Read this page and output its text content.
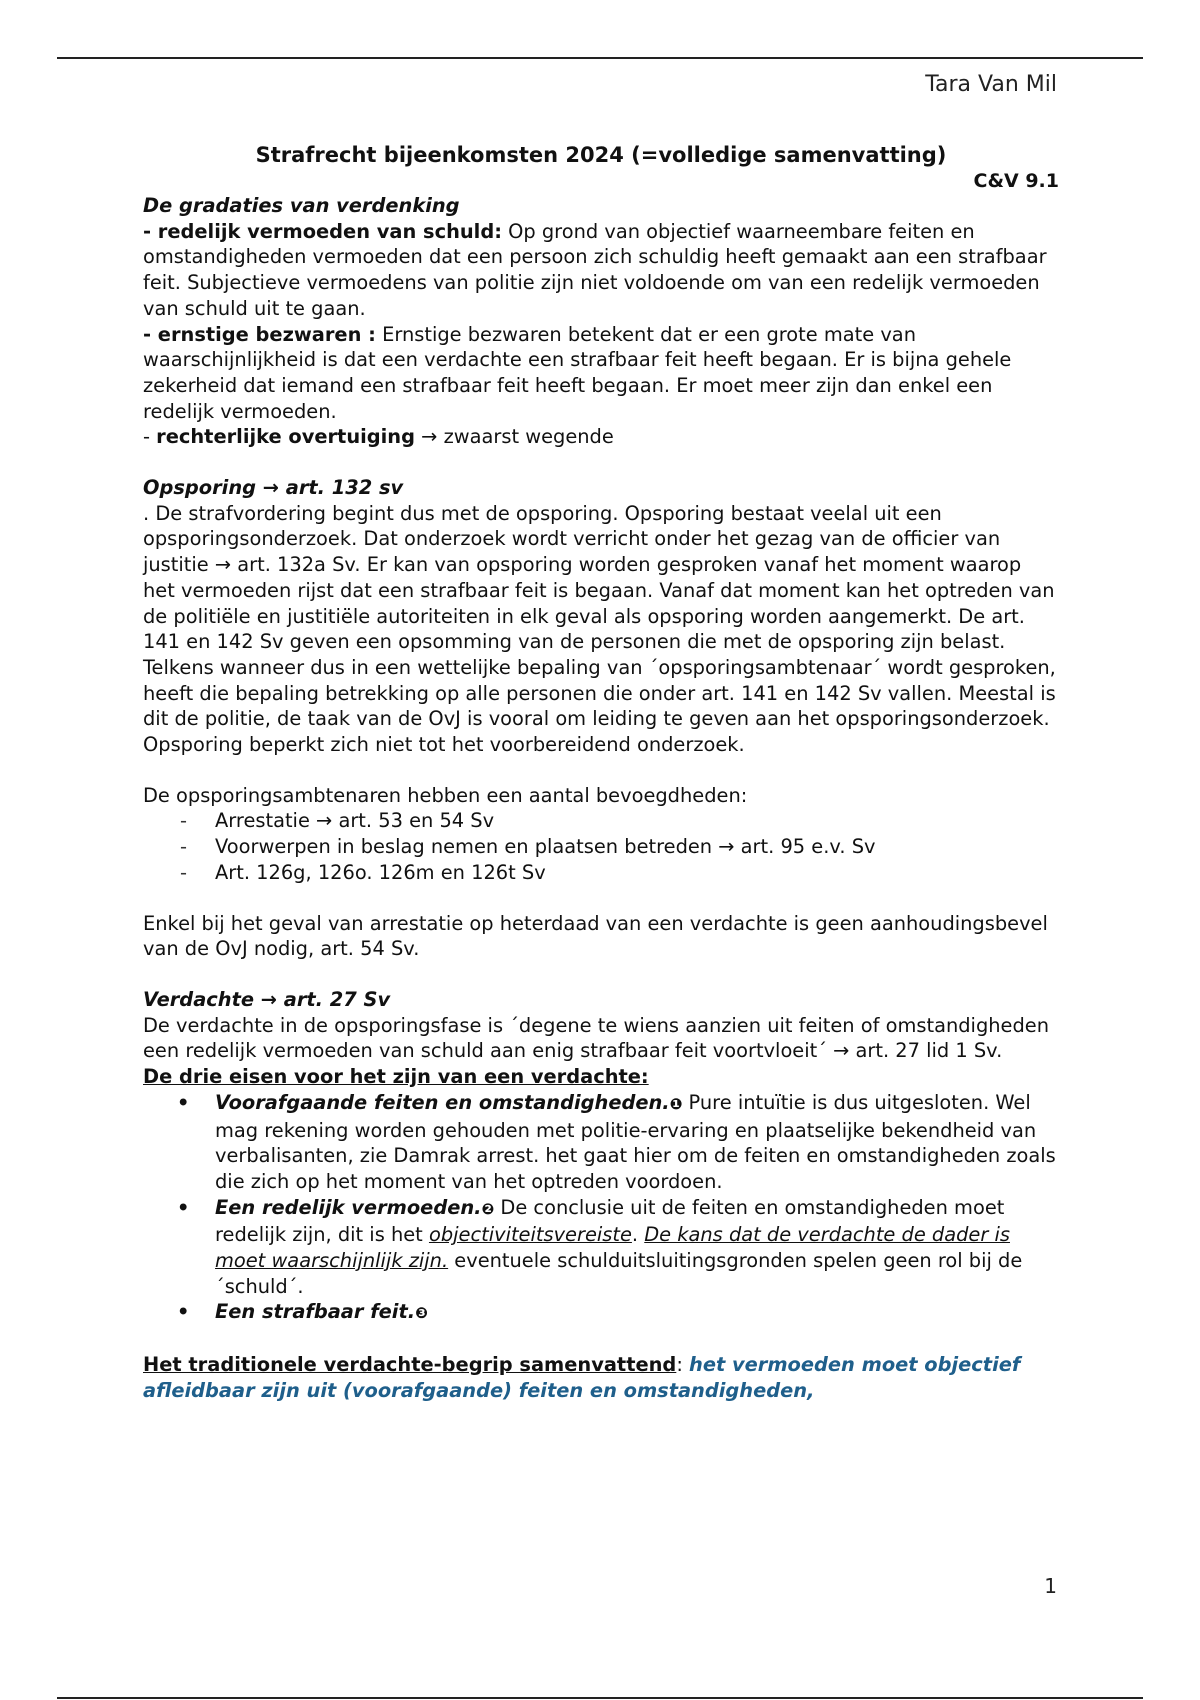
Tara Van Mil

Strafrecht bijeenkomsten 2024 (=volledige samenvatting)

C&V 9.1

De gradaties van verdenking

- redelijk vermoeden van schuld: Op grond van objectief waarneembare feiten en omstandigheden vermoeden dat een persoon zich schuldig heeft gemaakt aan een strafbaar feit. Subjectieve vermoedens van politie zijn niet voldoende om van een redelijk vermoeden van schuld uit te gaan.

- ernstige bezwaren : Ernstige bezwaren betekent dat er een grote mate van waarschijnlijkheid is dat een verdachte een strafbaar feit heeft begaan. Er is bijna gehele zekerheid dat iemand een strafbaar feit heeft begaan. Er moet meer zijn dan enkel een redelijk vermoeden.

- rechterlijke overtuiging → zwaarst wegende

Opsporing → art. 132 sv

. De strafvordering begint dus met de opsporing. Opsporing bestaat veelal uit een opsporingsonderzoek. Dat onderzoek wordt verricht onder het gezag van de officier van justitie → art. 132a Sv. Er kan van opsporing worden gesproken vanaf het moment waarop het vermoeden rijst dat een strafbaar feit is begaan. Vanaf dat moment kan het optreden van de politiële en justitiële autoriteiten in elk geval als opsporing worden aangemerkt. De art. 141 en 142 Sv geven een opsomming van de personen die met de opsporing zijn belast. Telkens wanneer dus in een wettelijke bepaling van ´opsporingsambtenaar´ wordt gesproken, heeft die bepaling betrekking op alle personen die onder art. 141 en 142 Sv vallen. Meestal is dit de politie, de taak van de OvJ is vooral om leiding te geven aan het opsporingsonderzoek. Opsporing beperkt zich niet tot het voorbereidend onderzoek.

De opsporingsambtenaren hebben een aantal bevoegdheden:

- Arrestatie → art. 53 en 54 Sv
- Voorwerpen in beslag nemen en plaatsen betreden → art. 95 e.v. Sv
- Art. 126g, 126o. 126m en 126t Sv

Enkel bij het geval van arrestatie op heterdaad van een verdachte is geen aanhoudingsbevel van de OvJ nodig, art. 54 Sv.

Verdachte → art. 27 Sv

De verdachte in de opsporingsfase is ´degene te wiens aanzien uit feiten of omstandigheden een redelijk vermoeden van schuld aan enig strafbaar feit voortvloeit´ → art. 27 lid 1 Sv.

De drie eisen voor het zijn van een verdachte:

• Voorafgaande feiten en omstandigheden.❶ Pure intuïtie is dus uitgesloten. Wel mag rekening worden gehouden met politie-ervaring en plaatselijke bekendheid van verbalisanten, zie Damrak arrest. het gaat hier om de feiten en omstandigheden zoals die zich op het moment van het optreden voordoen.
• Een redelijk vermoeden.❷ De conclusie uit de feiten en omstandigheden moet redelijk zijn, dit is het objectiviteitsvereiste. De kans dat de verdachte de dader is moet waarschijnlijk zijn. eventuele schulduitsluitingsgronden spelen geen rol bij de ´schuld´.
• Een strafbaar feit.❸

Het traditionele verdachte-begrip samenvattend: het vermoeden moet objectief afleidbaar zijn uit (voorafgaande) feiten en omstandigheden,

1
